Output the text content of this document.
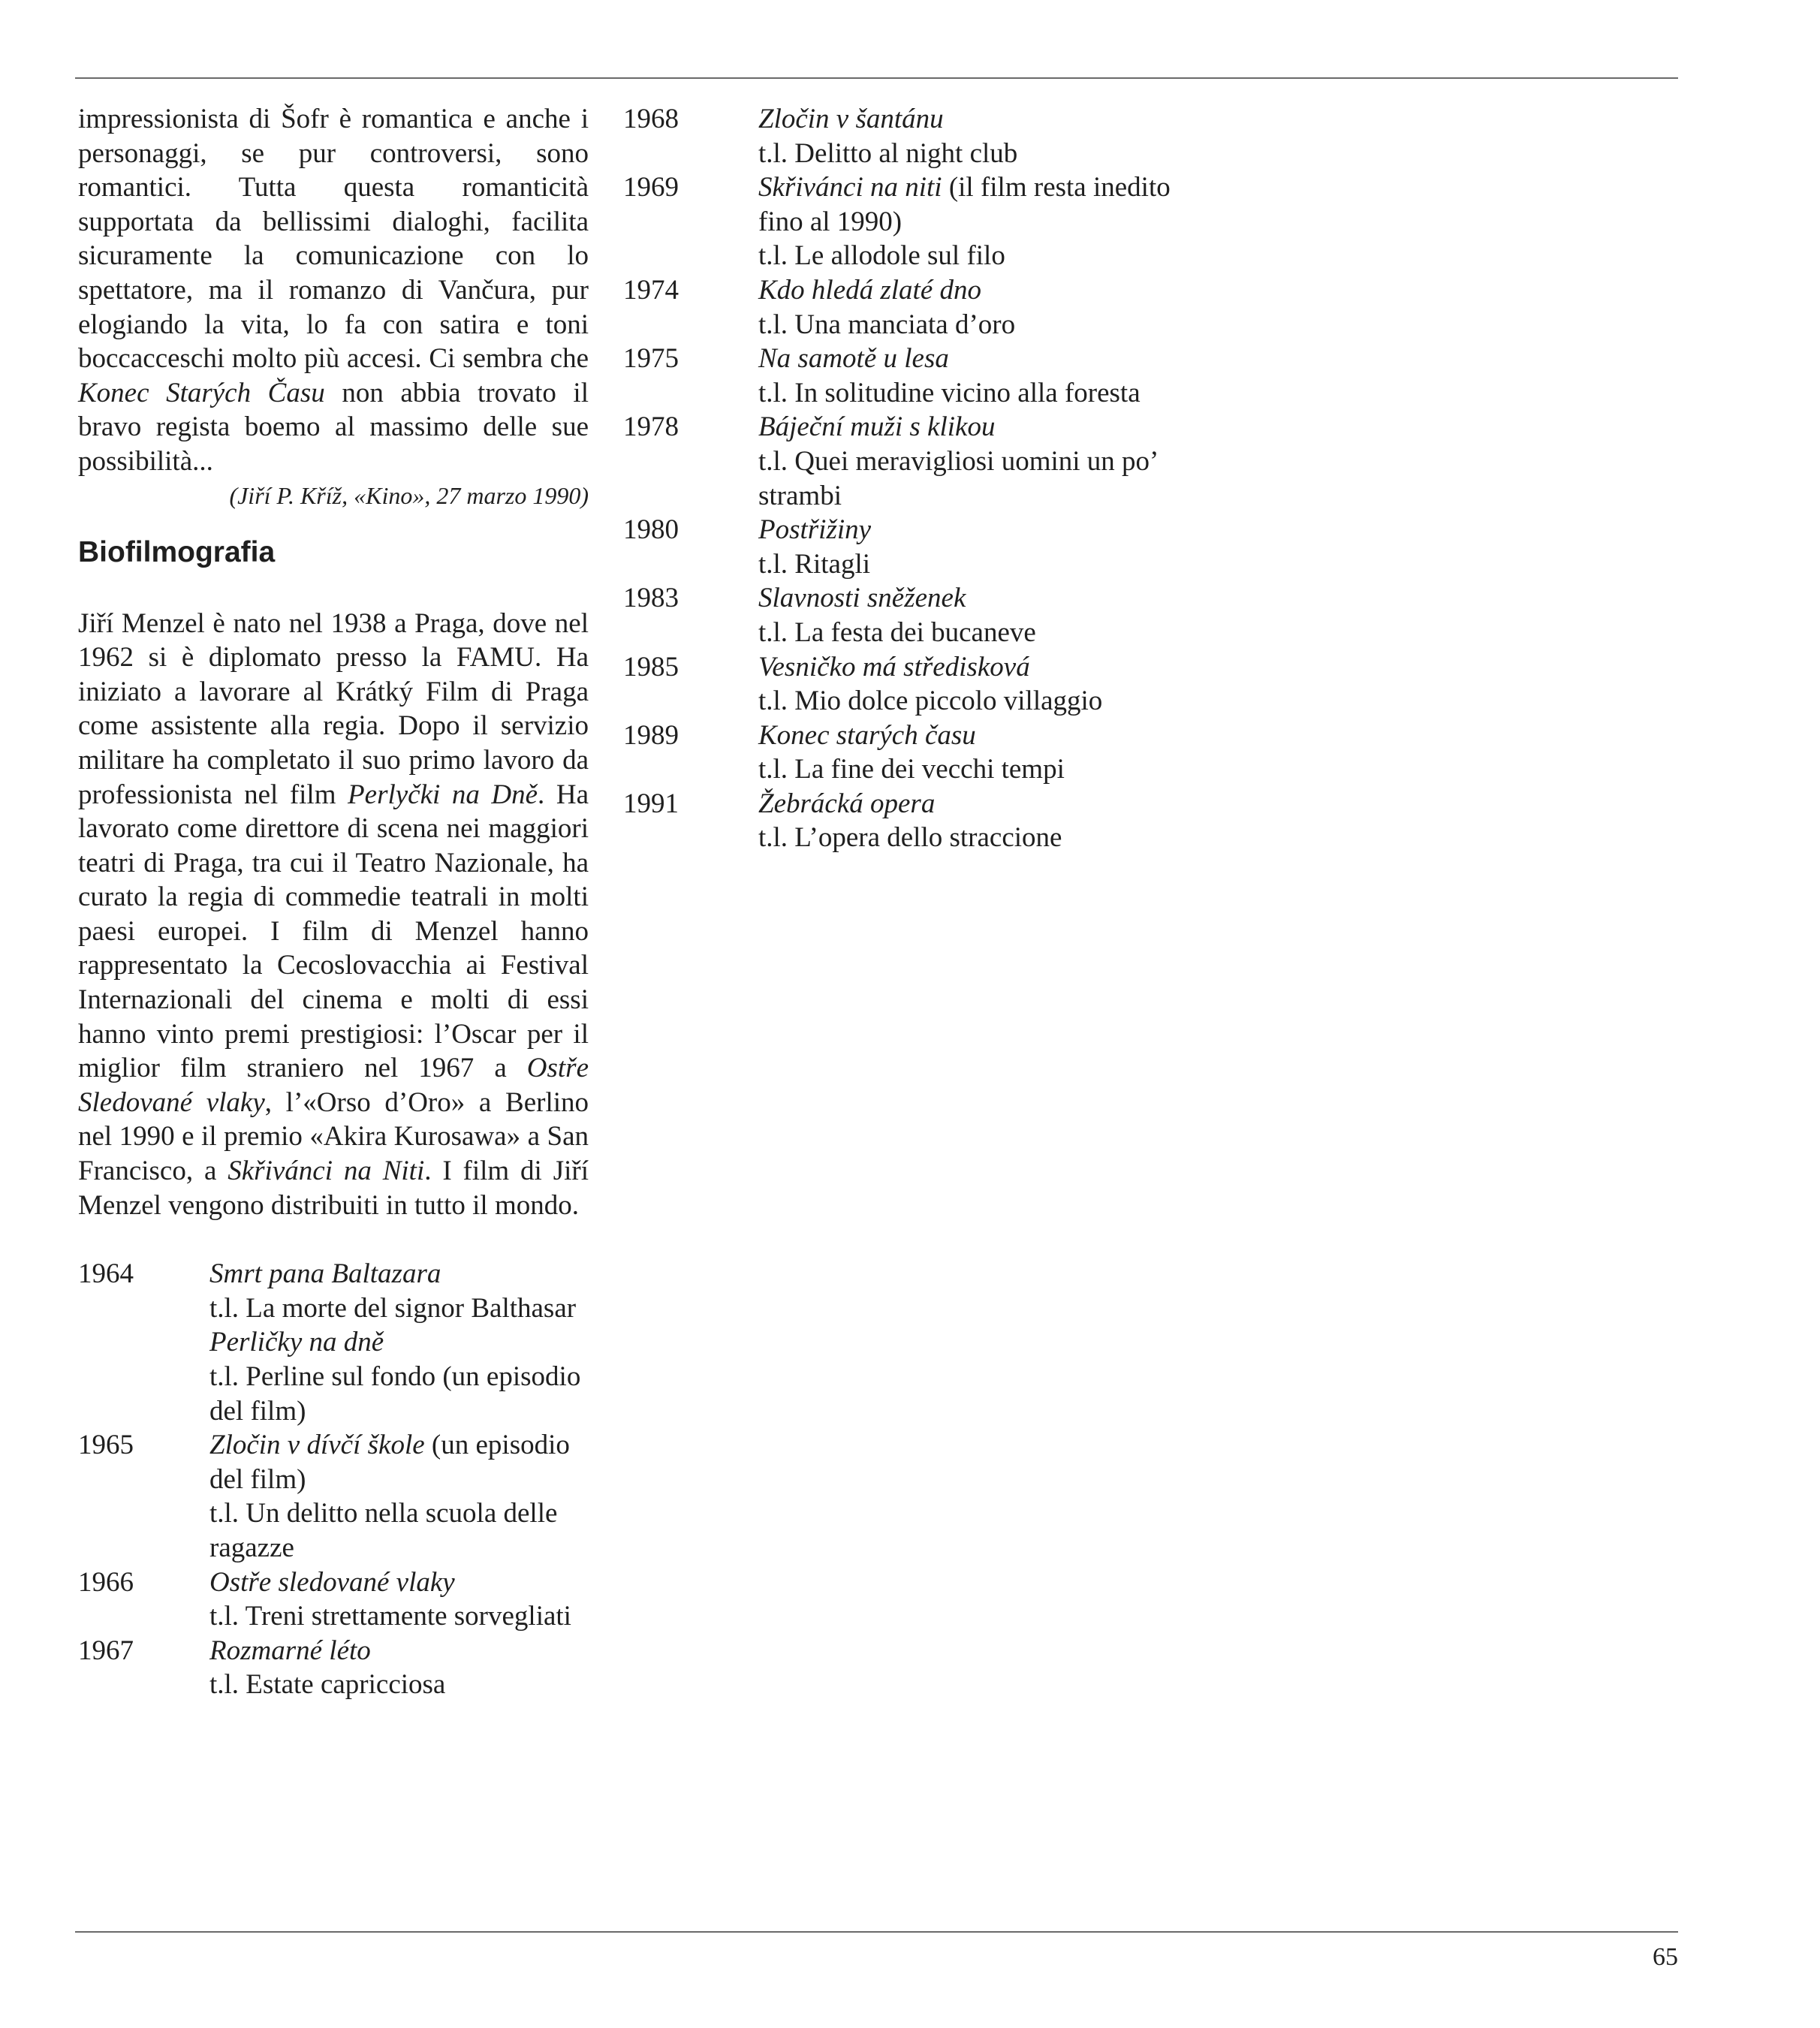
impressionista di Šofr è romantica e anche i personaggi, se pur controversi, sono romantici. Tutta questa romanticità supportata da bellissimi dialoghi, facilita sicuramente la comunicazione con lo spettatore, ma il romanzo di Vančura, pur elogiando la vita, lo fa con satira e toni boccacceschi molto più accesi. Ci sembra che Konec Starých Času non abbia trovato il bravo regista boemo al massimo delle sue possibilità...

(Jiří P. Kříž, «Kino», 27 marzo 1990)

Biofilmografia

Jiří Menzel è nato nel 1938 a Praga, dove nel 1962 si è diplomato presso la FAMU. Ha iniziato a lavorare al Krátký Film di Praga come assistente alla regia. Dopo il servizio militare ha completato il suo primo lavoro da professionista nel film Perlyčki na Dně. Ha lavorato come direttore di scena nei maggiori teatri di Praga, tra cui il Teatro Nazionale, ha curato la regia di commedie teatrali in molti paesi europei. I film di Menzel hanno rappresentato la Cecoslovacchia ai Festival Internazionali del cinema e molti di essi hanno vinto premi prestigiosi: l’Oscar per il miglior film straniero nel 1967 a Ostře Sledované vlaky, l’«Orso d’Oro» a Berlino nel 1990 e il premio «Akira Kurosawa» a San Francisco, a Skřivánci na Niti. I film di Jiří Menzel vengono distribuiti in tutto il mondo.

1964	Smrt pana Baltazara
t.l. La morte del signor Balthasar
Perličky na dně
t.l. Perline sul fondo (un episodio del film)
1965	Zločin v dívčí škole (un episodio del film)
t.l. Un delitto nella scuola delle ragazze
1966	Ostře sledované vlaky
t.l. Treni strettamente sorvegliati
1967	Rozmarné léto
t.l. Estate capricciosa
1968	Zločin v šantánu
t.l. Delitto al night club
1969	Skřivánci na niti (il film resta inedito fino al 1990)
t.l. Le allodole sul filo
1974	Kdo hledá zlaté dno
t.l. Una manciata d’oro
1975	Na samotě u lesa
t.l. In solitudine vicino alla foresta
1978	Báječní muži s klikou
t.l. Quei meravigliosi uomini un po’ strambi
1980	Postřižiny
t.l. Ritagli
1983	Slavnosti sněženek
t.l. La festa dei bucaneve
1985	Vesničko má středisková
t.l. Mio dolce piccolo villaggio
1989	Konec starých času
t.l. La fine dei vecchi tempi
1991	Žebrácká opera
t.l. L’opera dello straccione
65
